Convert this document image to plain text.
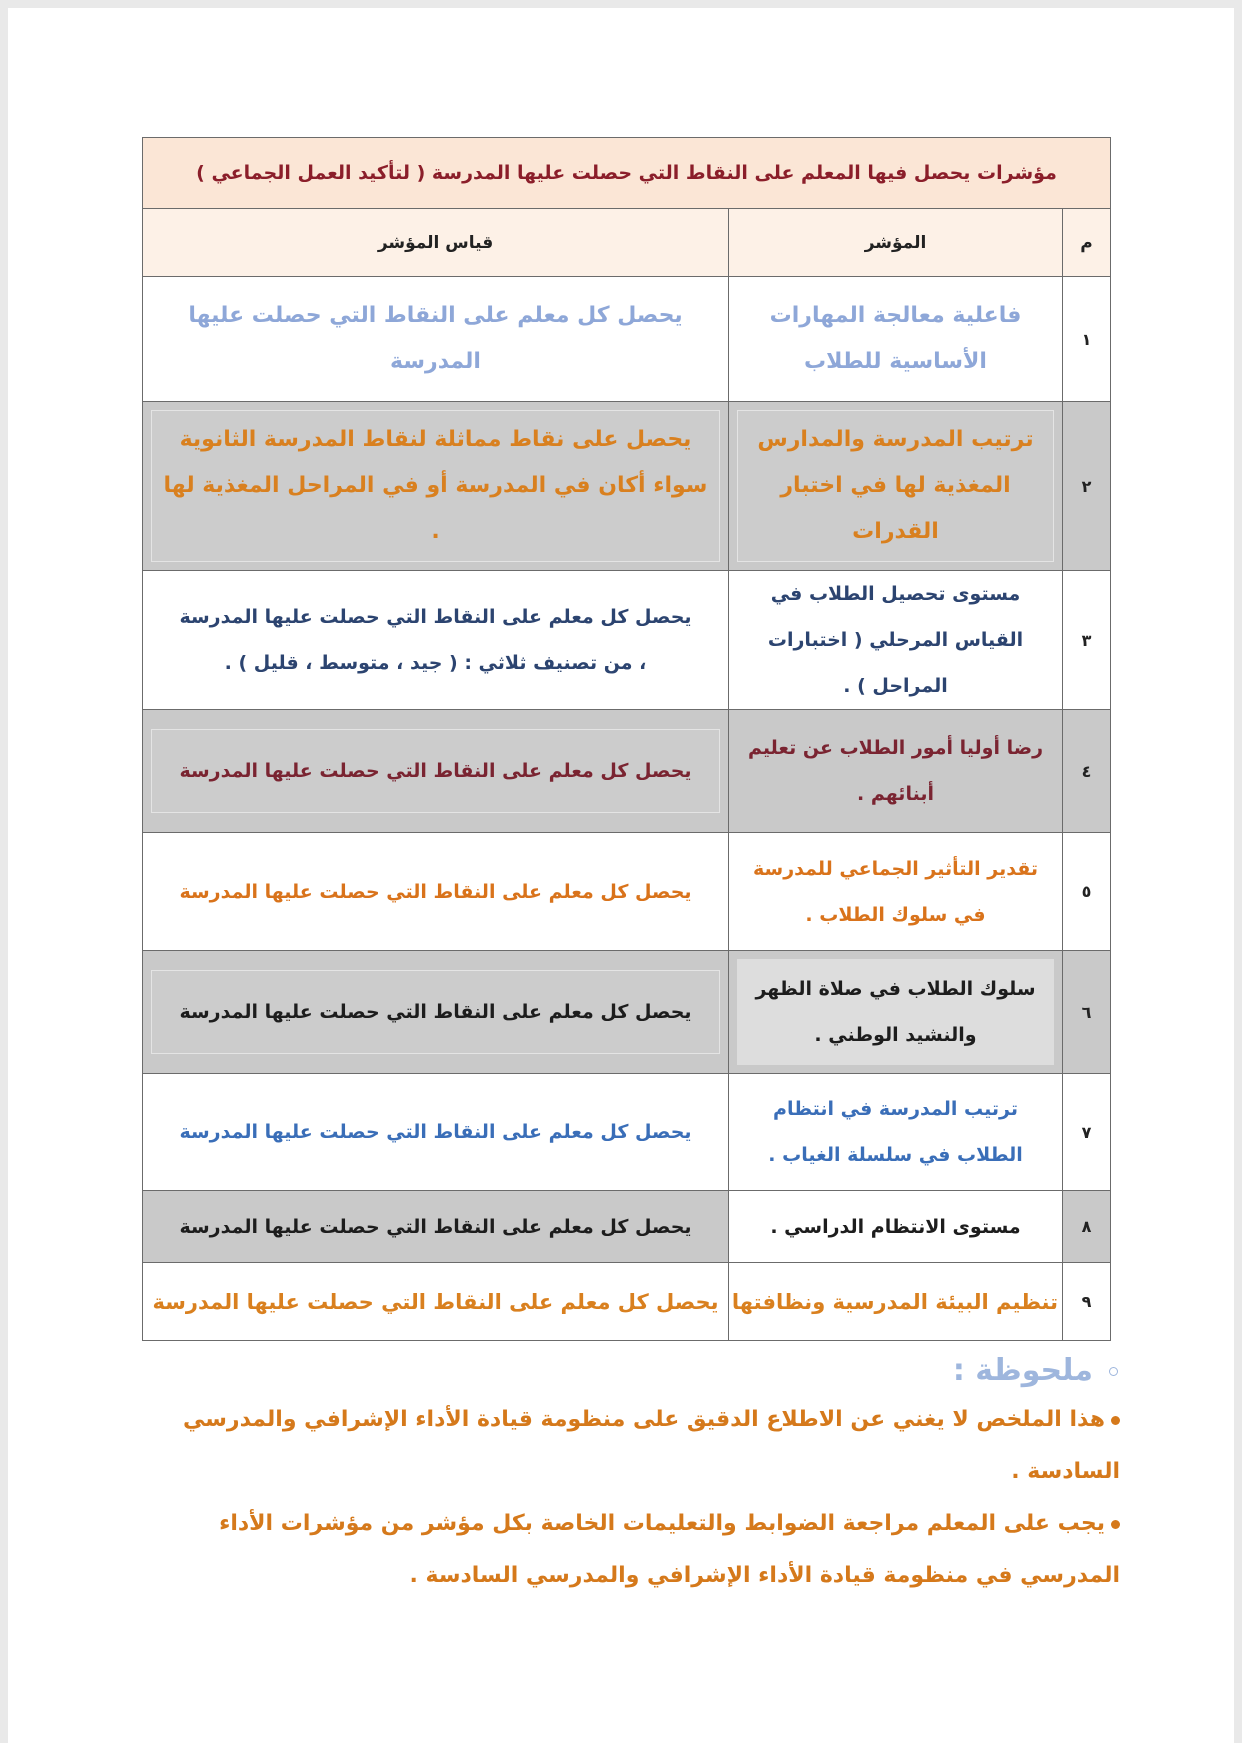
مؤشرات يحصل فيها المعلم على النقاط التي حصلت عليها المدرسة ( لتأكيد العمل الجماعي )		
م	المؤشر	قياس المؤشر
١	فاعلية معالجة المهارات الأساسية للطلاب	يحصل كل معلم على النقاط التي حصلت عليها المدرسة
٢	ترتيب المدرسة والمدارس المغذية لها في اختبار القدرات	يحصل على نقاط مماثلة لنقاط المدرسة الثانوية سواء أكان في المدرسة أو في المراحل المغذية لها .

٣	مستوى تحصيل الطلاب في القياس المرحلي ( اختبارات المراحل ) .	يحصل كل معلم على النقاط التي حصلت عليها المدرسة ، من تصنيف ثلاثي : ( جيد ، متوسط ، قليل ) .
٤	رضا أوليا أمور الطلاب عن تعليم أبنائهم .	يحصل كل معلم على النقاط التي حصلت عليها المدرسة

٥	تقدير التأثير الجماعي للمدرسة في سلوك الطلاب .	يحصل كل معلم على النقاط التي حصلت عليها المدرسة
٦	سلوك الطلاب في صلاة الظهر والنشيد الوطني .	يحصل كل معلم على النقاط التي حصلت عليها المدرسة

٧	ترتيب المدرسة في انتظام الطلاب في سلسلة الغياب .	يحصل كل معلم على النقاط التي حصلت عليها المدرسة
٨	مستوى الانتظام الدراسي .	يحصل كل معلم على النقاط التي حصلت عليها المدرسة
٩	تنظيم البيئة المدرسية ونظافتها	يحصل كل معلم على النقاط التي حصلت عليها المدرسة

ملحوظة :

هذا الملخص لا يغني عن الاطلاع الدقيق على منظومة قيادة الأداء الإشرافي والمدرسي السادسة .

يجب على المعلم مراجعة الضوابط والتعليمات الخاصة بكل مؤشر من مؤشرات الأداء المدرسي في منظومة قيادة الأداء الإشرافي والمدرسي السادسة .
